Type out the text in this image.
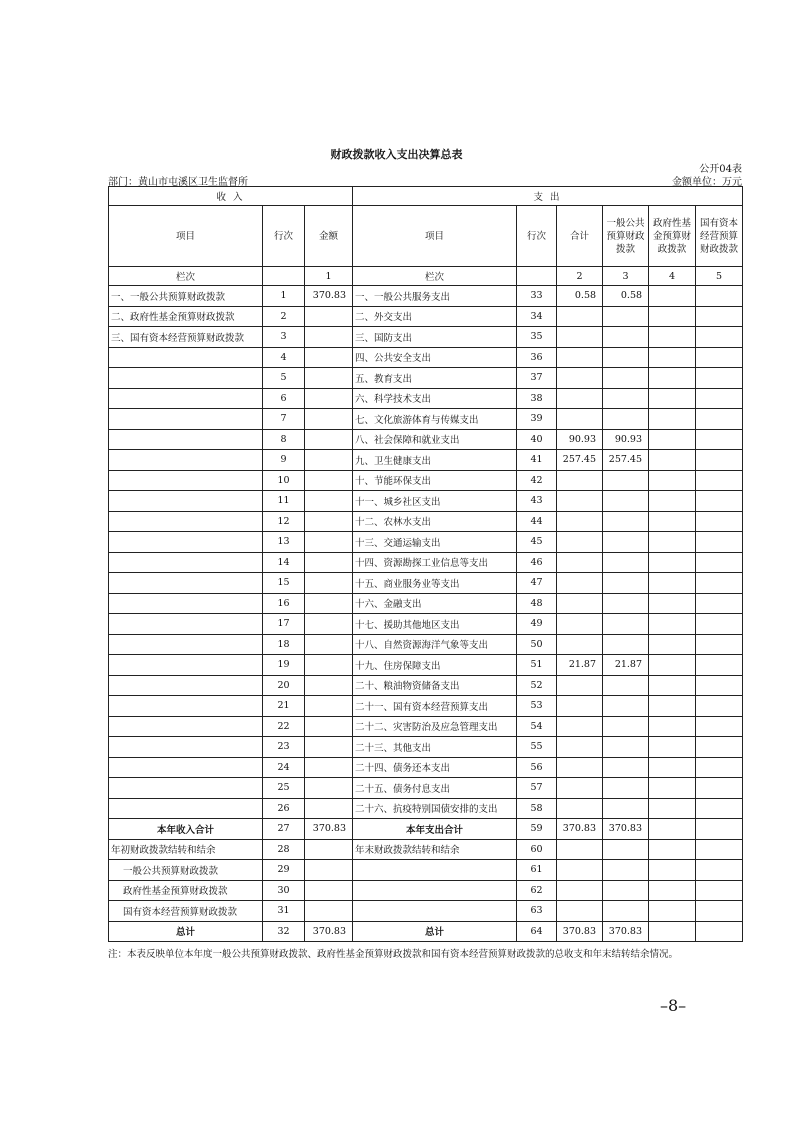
财政拨款收入支出决算总表
公开04表
部门：黄山市屯溪区卫生监督所	金额单位：万元
收 入			支 出					
项目	行次	金额	项目	行次	合计	一般公共预算财政拨款	政府性基金预算财政拨款	国有资本经营预算财政拨款
栏次		1	栏次		2	3	4	5
一、一般公共预算财政拨款	1	370.83	一、一般公共服务支出	33	0.58	0.58		
二、政府性基金预算财政拨款	2		二、外交支出	34				
三、国有资本经营预算财政拨款	3		三、国防支出	35				
	4		四、公共安全支出	36				
	5		五、教育支出	37				
	6		六、科学技术支出	38				
	7		七、文化旅游体育与传媒支出	39				
	8		八、社会保障和就业支出	40	90.93	90.93		
	9		九、卫生健康支出	41	257.45	257.45		
	10		十、节能环保支出	42				
	11		十一、城乡社区支出	43				
	12		十二、农林水支出	44				
	13		十三、交通运输支出	45				
	14		十四、资源勘探工业信息等支出	46				
	15		十五、商业服务业等支出	47				
	16		十六、金融支出	48				
	17		十七、援助其他地区支出	49				
	18		十八、自然资源海洋气象等支出	50				
	19		十九、住房保障支出	51	21.87	21.87		
	20		二十、粮油物资储备支出	52				
	21		二十一、国有资本经营预算支出	53				
	22		二十二、灾害防治及应急管理支出	54				
	23		二十三、其他支出	55				
	24		二十四、债务还本支出	56				
	25		二十五、债务付息支出	57				
	26		二十六、抗疫特别国债安排的支出	58				
本年收入合计	27	370.83	本年支出合计	59	370.83	370.83		
年初财政拨款结转和结余	28		年末财政拨款结转和结余	60				
一般公共预算财政拨款	29			61				
政府性基金预算财政拨款	30			62				
国有资本经营预算财政拨款	31			63				
总计	32	370.83	总计	64	370.83	370.83		
注：本表反映单位本年度一般公共预算财政拨款、政府性基金预算财政拨款和国有资本经营预算财政拨款的总收支和年末结转结余情况。
–8–
